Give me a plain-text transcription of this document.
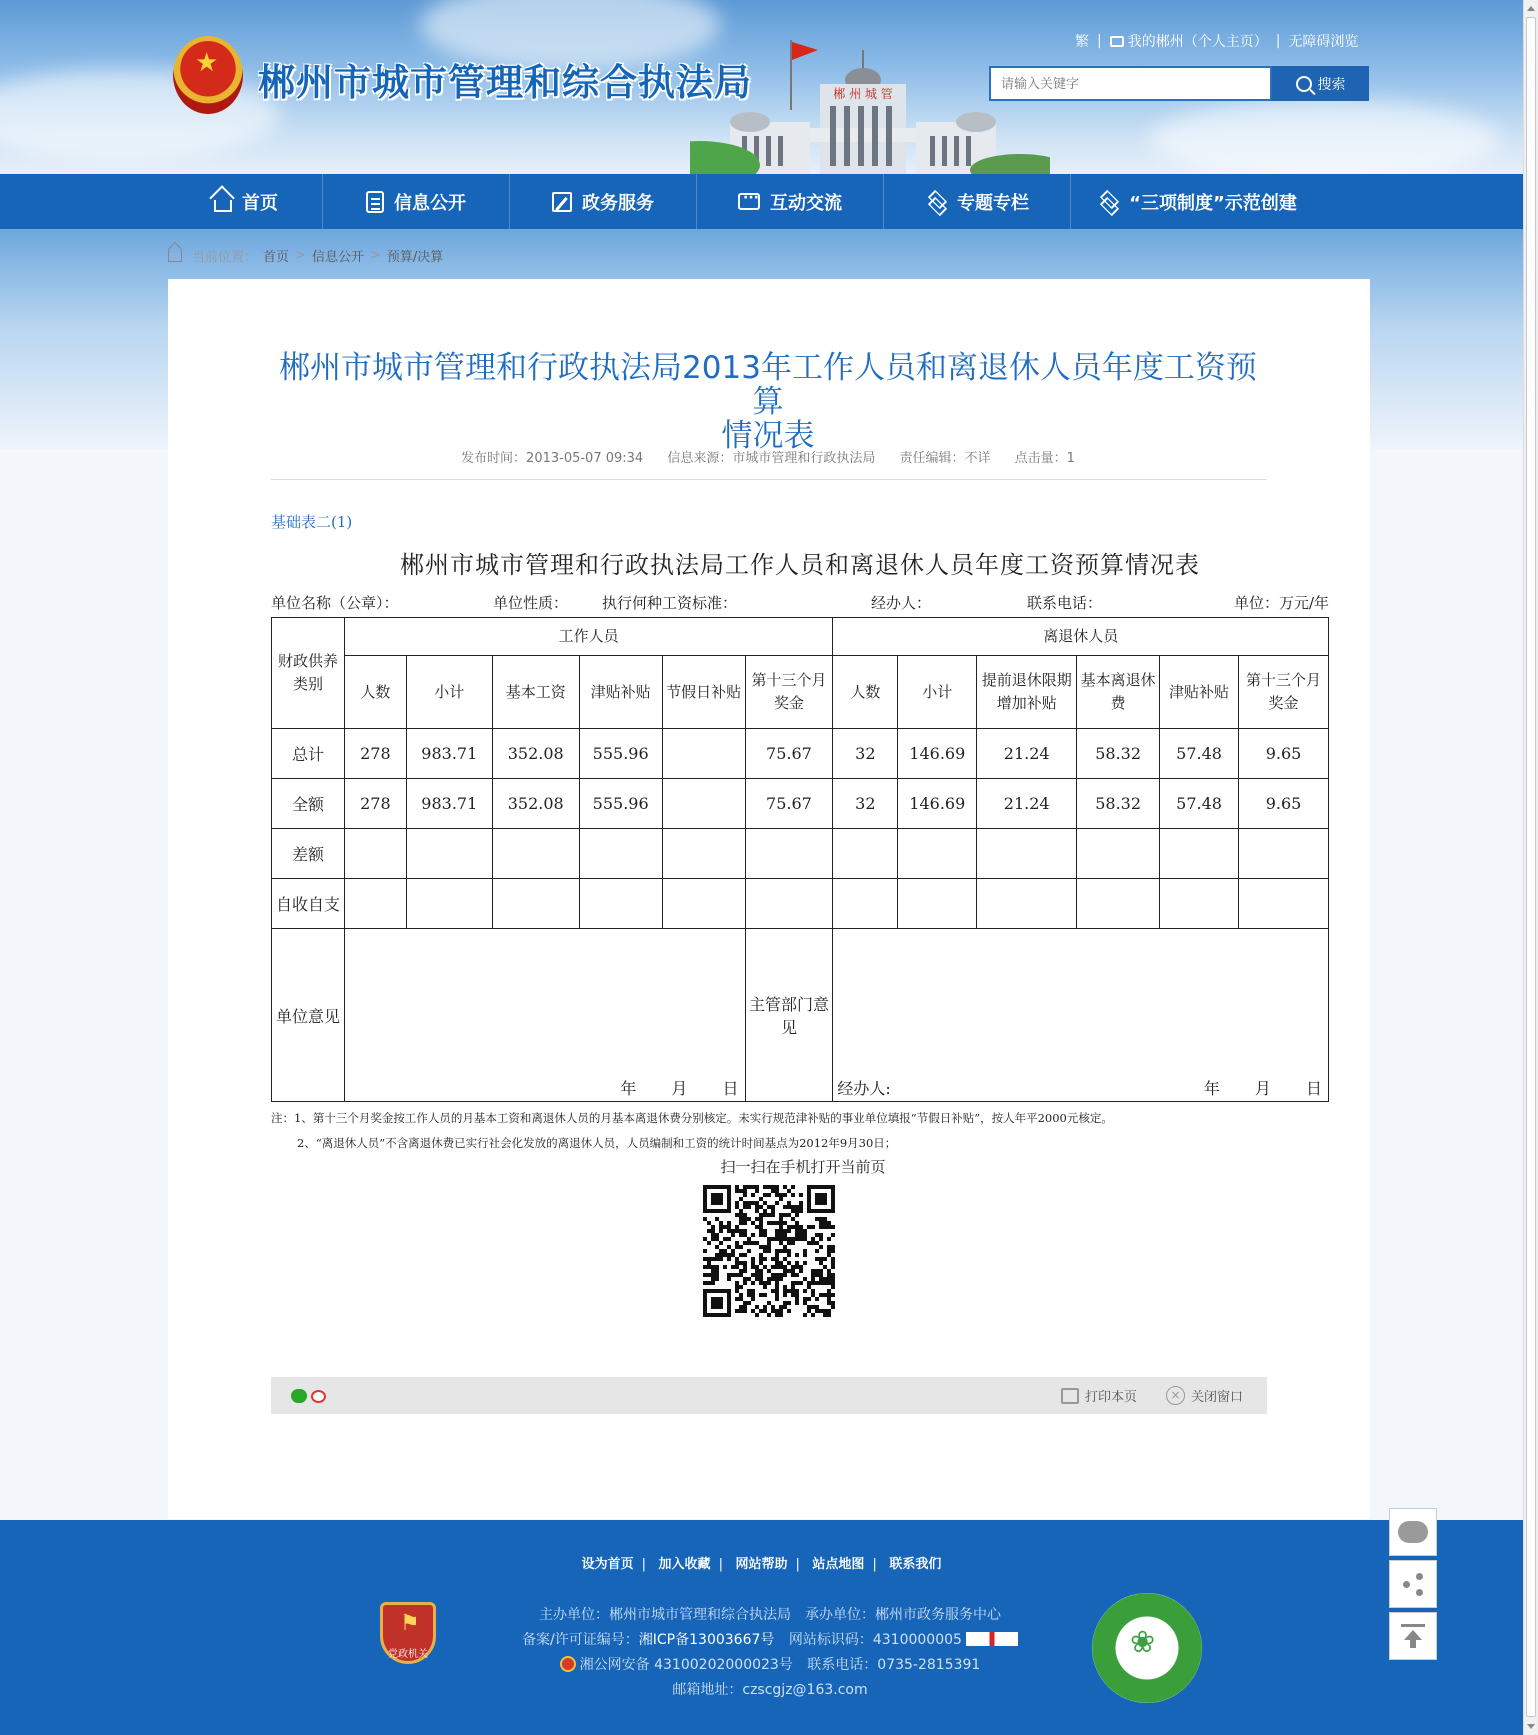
★
郴州市城市管理和综合执法局	郴 州 城 管
繁 |	我的郴州（个人主页） | 无障碍浏览
请输入关键字
搜索
首页	信息公开	政务服务 ···	互动交流	专题专栏	“三项制度”示范创建
当前位置： 首页 > 信息公开 > 预算/决算
郴州市城市管理和行政执法局2013年工作人员和离退休人员年度工资预算
情况表
发布时间：2013-05-07 09:34 信息来源：市城市管理和行政执法局 责任编辑：不详 点击量：1
基础表二(1)
郴州市城市管理和行政执法局工作人员和离退休人员年度工资预算情况表
单位名称（公章）：	单位性质： 执行何种工资标准：	经办人：	联系电话：	单位：万元/年
财政供养类别	工作人员						离退休人员					
	人数	小计	基本工资	津贴补贴	节假日补贴	第十三个月奖金	人数	小计	提前退休限期增加补贴	基本离退休费	津贴补贴	第十三个月奖金
总计	278	983.71	352.08	555.96		75.67	32	146.69	21.24	58.32	57.48	9.65
全额	278	983.71	352.08	555.96		75.67	32	146.69	21.24	58.32	57.48	9.65
差额												
自收自支												
单位意见	年 月 日					主管部门意见	经办人: 年 月 日					
注：1、第十三个月奖金按工作人员的月基本工资和离退休人员的月基本离退休费分别核定。未实行规范津补贴的事业单位填报“节假日补贴”，按人年平2000元核定。
2、“离退休人员”不含离退休费已实行社会化发放的离退休人员，人员编制和工资的统计时间基点为2012年9月30日；
扫一扫在手机打开当前页
打印本页	× 关闭窗口
设为首页 | 加入收藏 | 网站帮助 | 站点地图 | 联系我们
⚑ 党政机关
主办单位：郴州市城市管理和综合执法局　承办单位：郴州市政务服务中心
备案/许可证编号：湘ICP备13003667号 网站标识码：4310000005
湘公网安备 43100202000023号 联系电话：0735-2815391
邮箱地址：czscgjz@163.com
❀
